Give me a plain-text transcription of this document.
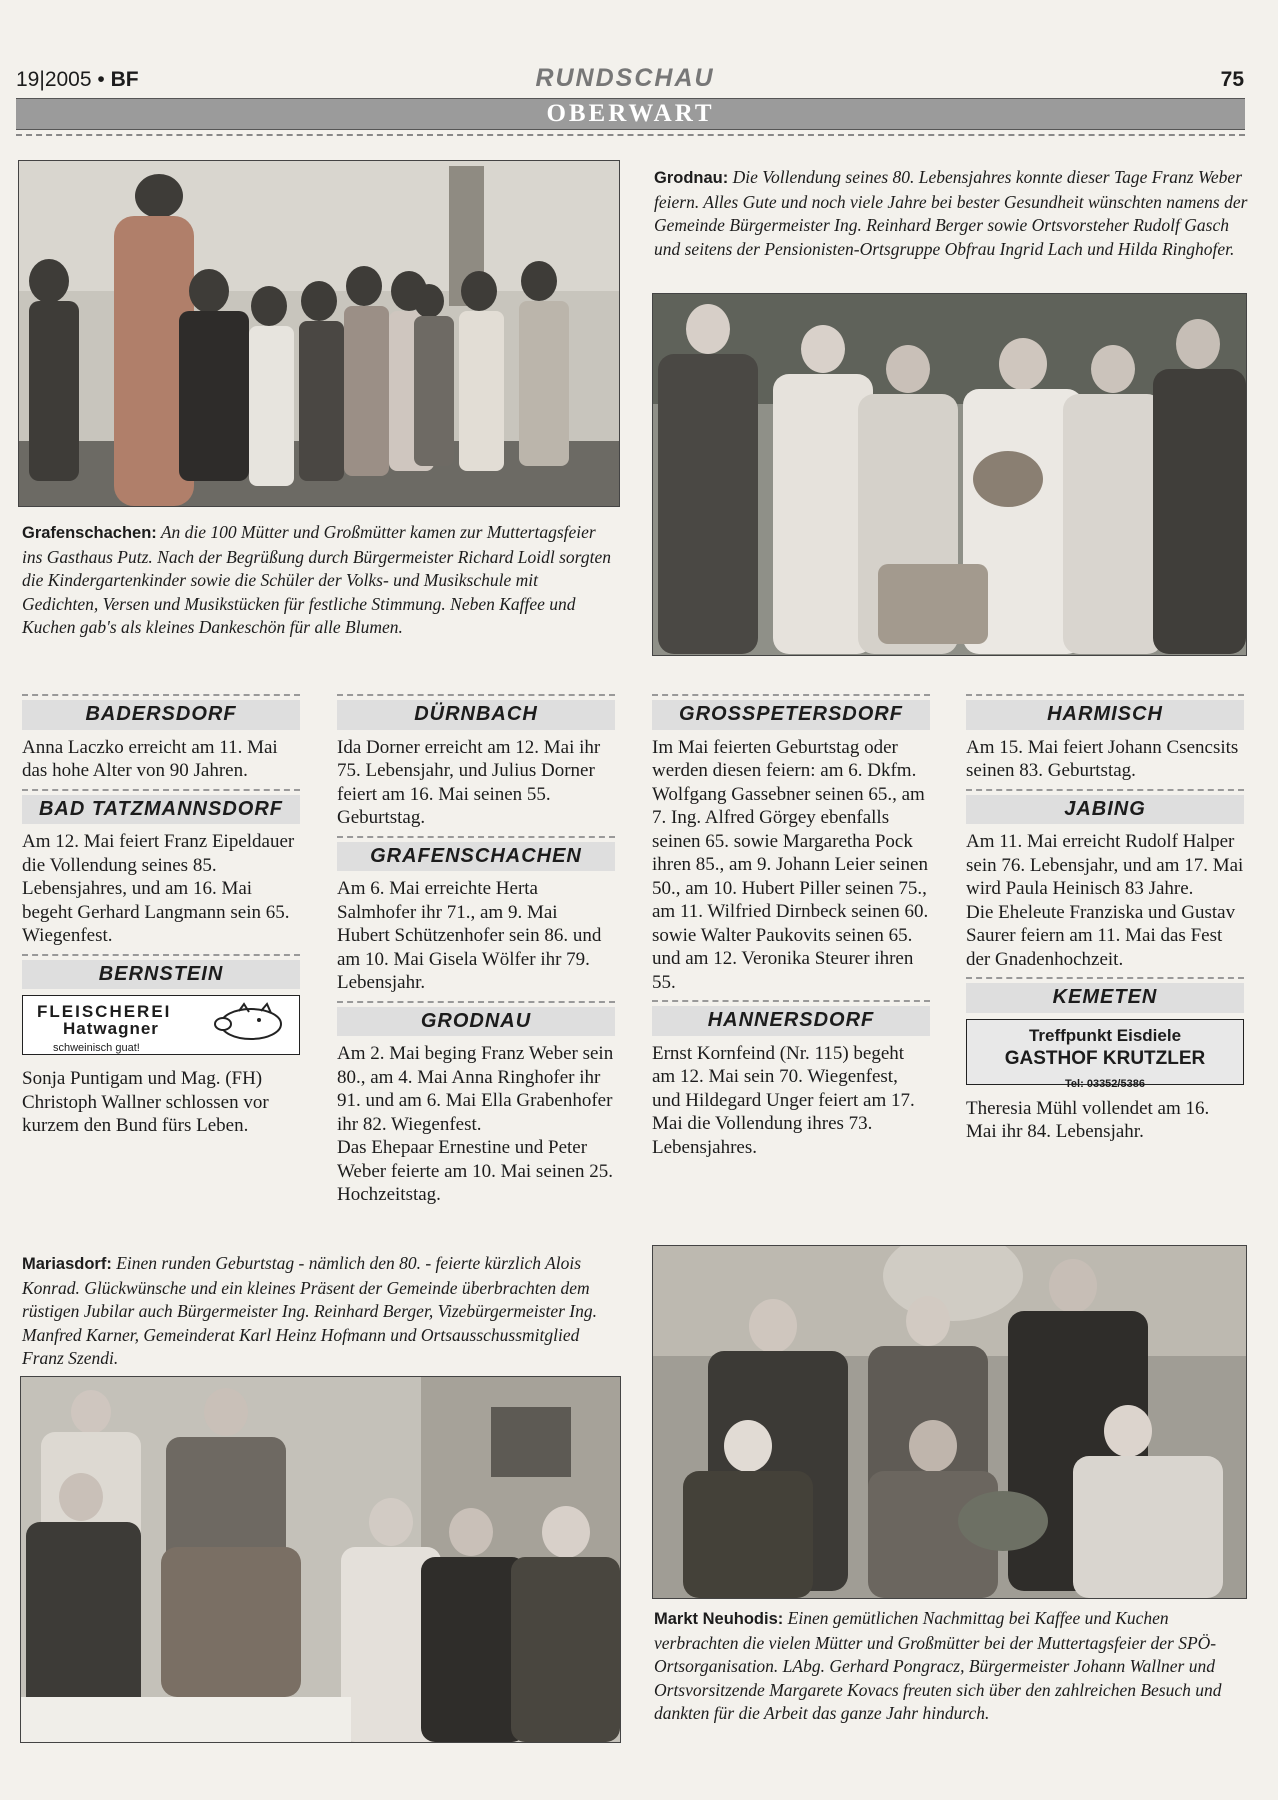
19|2005 • BF	RUNDSCHAU	75
OBERWART
Grodnau: Die Vollendung seines 80. Lebensjahres konnte dieser Tage Franz Weber feiern. Alles Gute und noch viele Jahre bei bester Gesundheit wünschten namens der Gemeinde Bürgermeister Ing. Reinhard Berger sowie Ortsvorsteher Rudolf Gasch und seitens der Pensionisten-Ortsgruppe Obfrau Ingrid Lach und Hilda Ringhofer.
Grafenschachen: An die 100 Mütter und Großmütter kamen zur Muttertagsfeier ins Gasthaus Putz. Nach der Begrüßung durch Bürgermeister Richard Loidl sorgten die Kindergartenkinder sowie die Schüler der Volks- und Musikschule mit Gedichten, Versen und Musikstücken für festliche Stimmung. Neben Kaffee und Kuchen gab's als kleines Dankeschön für alle Blumen.
BADERSDORF

Anna Laczko erreicht am 11. Mai das hohe Alter von 90 Jahren.

BAD TATZMANNSDORF

Am 12. Mai feiert Franz Eipeldauer die Vollendung seines 85. Lebensjahres, und am 16. Mai begeht Gerhard Langmann sein 65. Wiegenfest.

BERNSTEIN
FLEISCHEREI
Hatwagner
schweinisch guat!

Sonja Puntigam und Mag. (FH) Christoph Wallner schlossen vor kurzem den Bund fürs Leben.

DÜRNBACH

Ida Dorner erreicht am 12. Mai ihr 75. Lebensjahr, und Julius Dorner feiert am 16. Mai seinen 55. Geburtstag.

GRAFENSCHACHEN

Am 6. Mai erreichte Herta Salmhofer ihr 71., am 9. Mai Hubert Schützenhofer sein 86. und am 10. Mai Gisela Wölfer ihr 79. Lebensjahr.

GRODNAU

Am 2. Mai beging Franz Weber sein 80., am 4. Mai Anna Ringhofer ihr 91. und am 6. Mai Ella Grabenhofer ihr 82. Wiegenfest.

Das Ehepaar Ernestine und Peter Weber feierte am 10. Mai seinen 25. Hochzeitstag.

GROSSPETERSDORF

Im Mai feierten Geburtstag oder werden diesen feiern: am 6. Dkfm. Wolfgang Gassebner seinen 65., am 7. Ing. Alfred Görgey ebenfalls seinen 65. sowie Margaretha Pock ihren 85., am 9. Johann Leier seinen 50., am 10. Hubert Piller seinen 75., am 11. Wilfried Dirnbeck seinen 60. sowie Walter Paukovits seinen 65. und am 12. Veronika Steurer ihren 55.

HANNERSDORF

Ernst Kornfeind (Nr. 115) begeht am 12. Mai sein 70. Wiegenfest, und Hildegard Unger feiert am 17. Mai die Vollendung ihres 73. Lebensjahres.

HARMISCH

Am 15. Mai feiert Johann Csencsits seinen 83. Geburtstag.

JABING

Am 11. Mai erreicht Rudolf Halper sein 76. Lebensjahr, und am 17. Mai wird Paula Heinisch 83 Jahre.

Die Eheleute Franziska und Gustav Saurer feiern am 11. Mai das Fest der Gnadenhochzeit.

KEMETEN
Treffpunkt Eisdiele
GASTHOF KRUTZLER
Tel: 03352/5386

Theresia Mühl vollendet am 16. Mai ihr 84. Lebensjahr.

Mariasdorf: Einen runden Geburtstag - nämlich den 80. - feierte kürzlich Alois Konrad. Glückwünsche und ein kleines Präsent der Gemeinde überbrachten dem rüstigen Jubilar auch Bürgermeister Ing. Reinhard Berger, Vizebürgermeister Ing. Manfred Karner, Gemeinderat Karl Heinz Hofmann und Ortsausschussmitglied Franz Szendi.
Markt Neuhodis: Einen gemütlichen Nachmittag bei Kaffee und Kuchen verbrachten die vielen Mütter und Großmütter bei der Muttertagsfeier der SPÖ-Ortsorganisation. LAbg. Gerhard Pongracz, Bürgermeister Johann Wallner und Ortsvorsitzende Margarete Kovacs freuten sich über den zahlreichen Besuch und dankten für die Arbeit das ganze Jahr hindurch.
